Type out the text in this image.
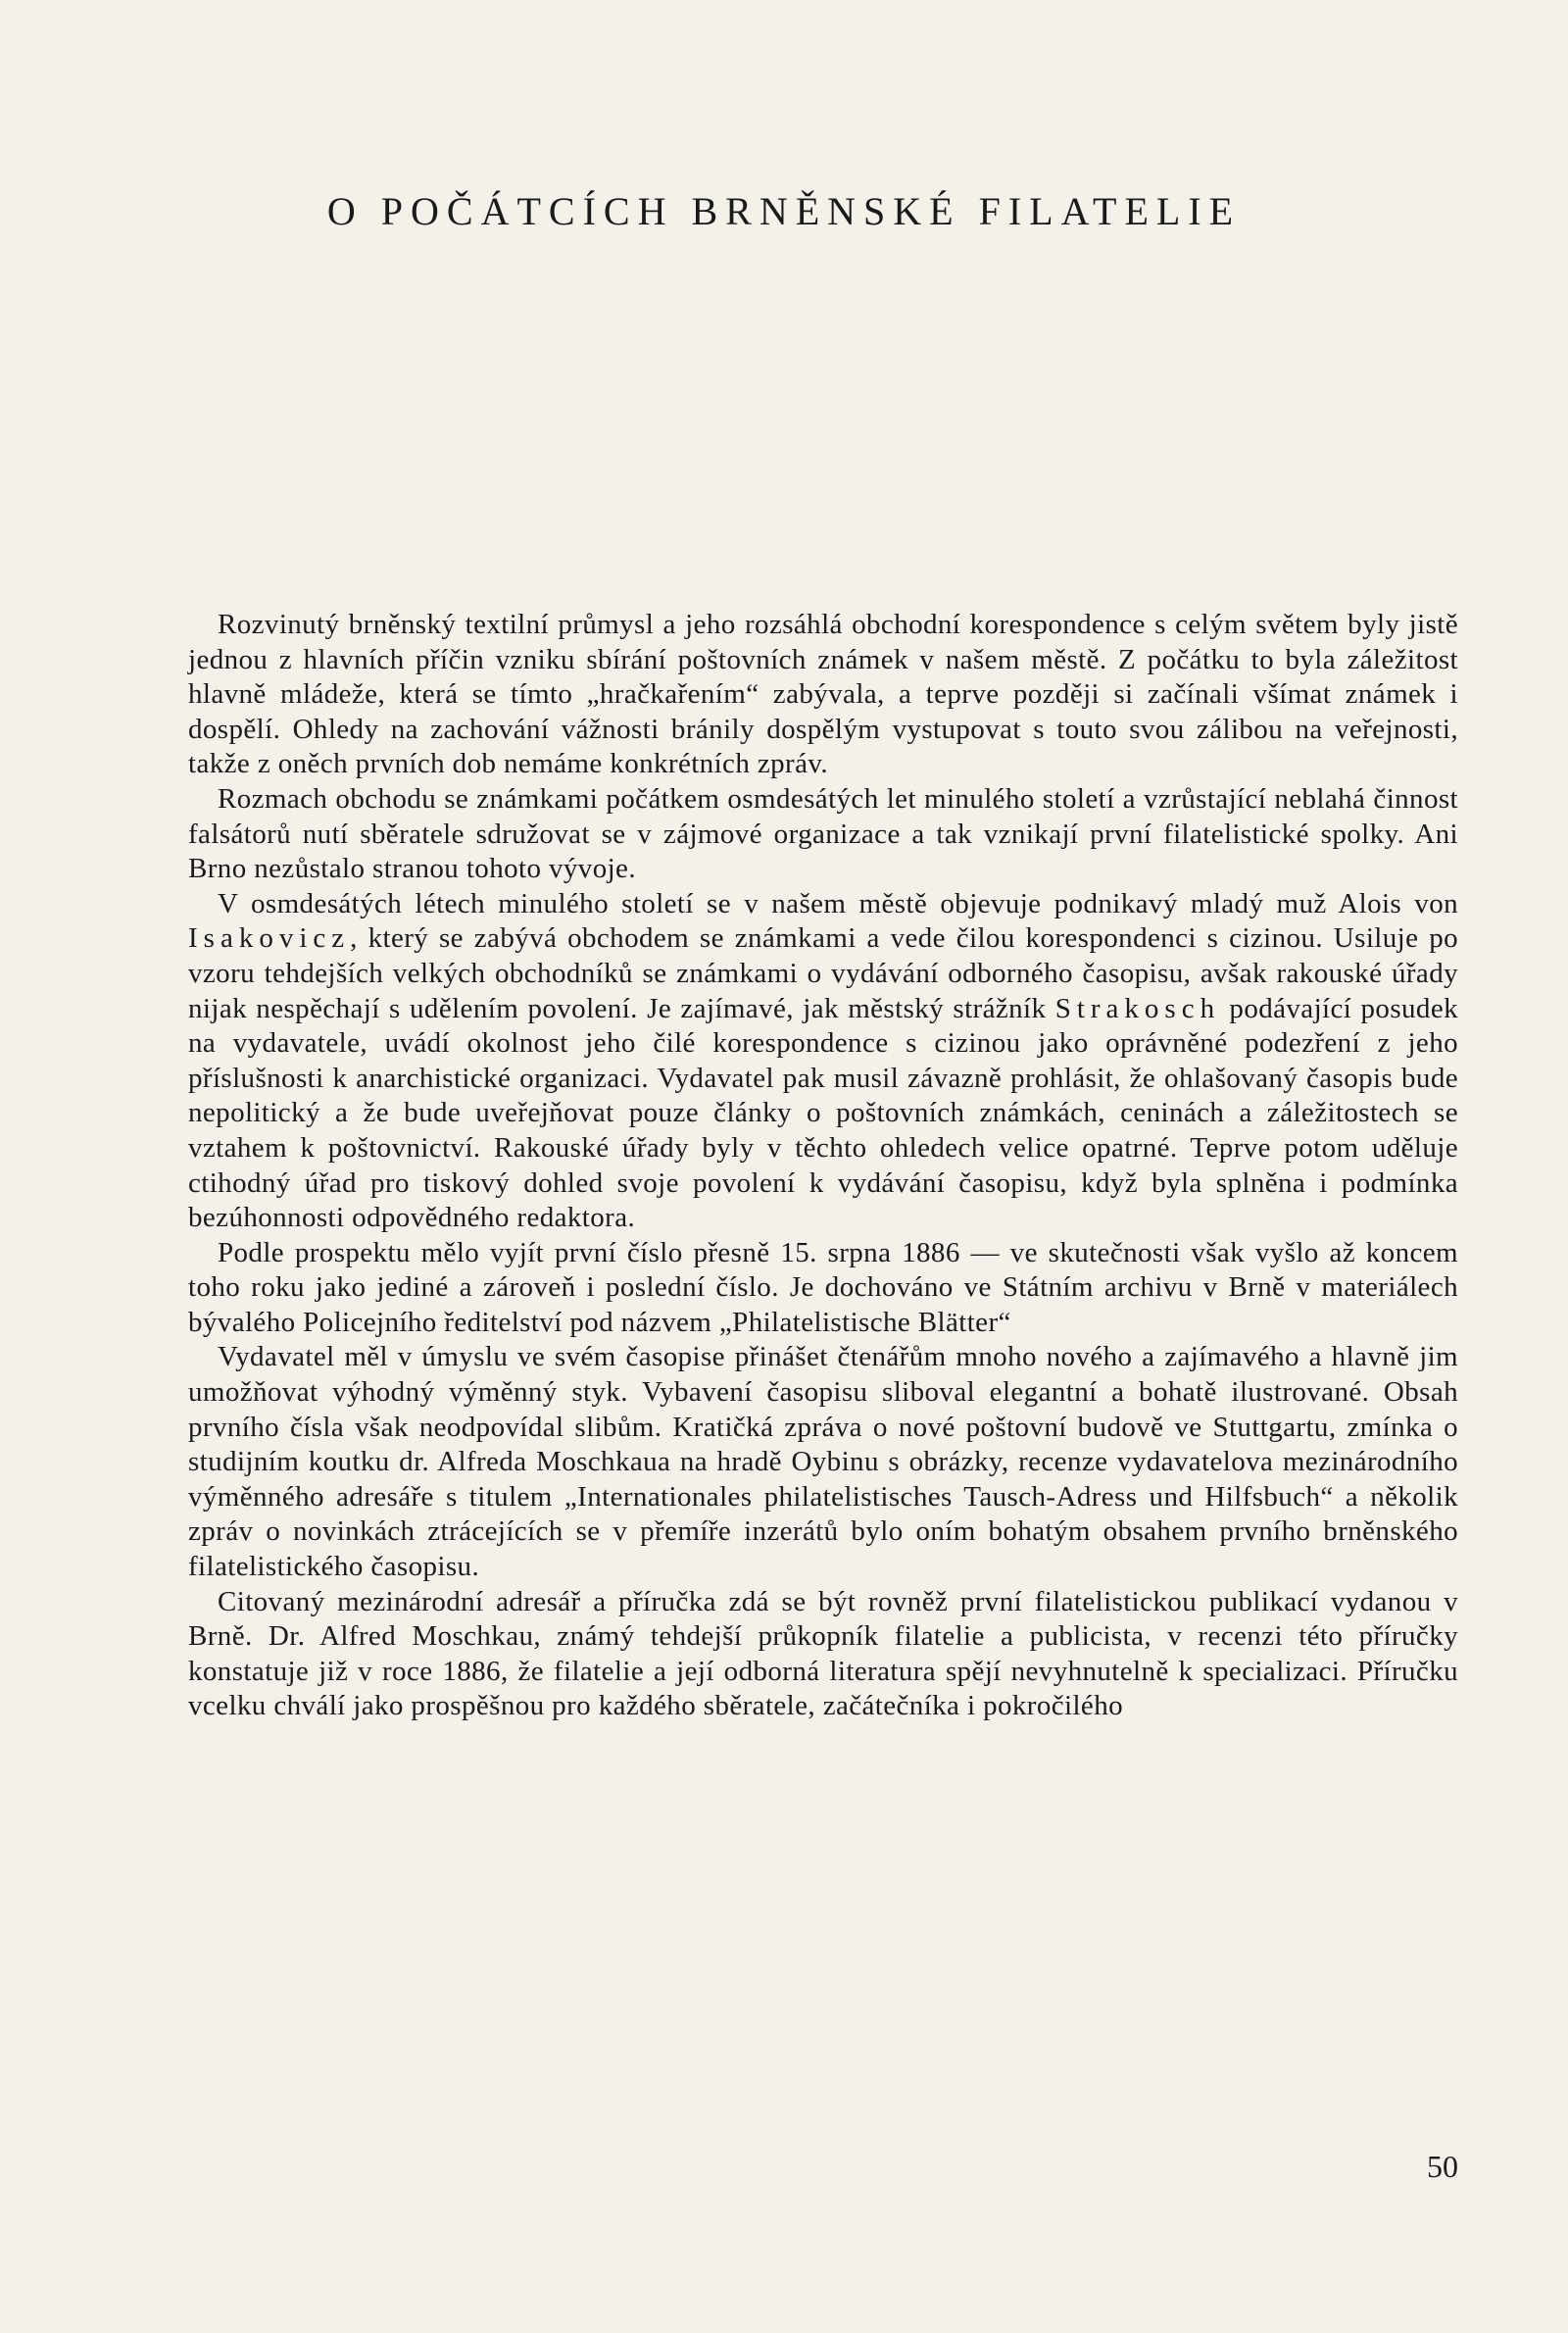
O POČÁTCÍCH BRNĚNSKÉ FILATELIE

Rozvinutý brněnský textilní průmysl a jeho rozsáhlá obchodní korespondence s celým světem byly jistě jednou z hlavních příčin vzniku sbírání poštovních známek v našem městě. Z počátku to byla záležitost hlavně mládeže, která se tímto „hračkařením“ zabývala, a teprve později si začínali všímat známek i dospělí. Ohledy na zachování vážnosti bránily dospělým vystupovat s touto svou zálibou na veřejnosti, takže z oněch prvních dob nemáme konkrétních zpráv.

Rozmach obchodu se známkami počátkem osmdesátých let minulého století a vzrůstající neblahá činnost falsátorů nutí sběratele sdružovat se v zájmové organizace a tak vznikají první filatelistické spolky. Ani Brno nezůstalo stranou tohoto vývoje.

V osmdesátých létech minulého století se v našem městě objevuje podnikavý mladý muž Alois von Isakovicz, který se zabývá obchodem se známkami a vede čilou korespondenci s cizinou. Usiluje po vzoru tehdejších velkých obchodníků se známkami o vydávání odborného časopisu, avšak rakouské úřady nijak nespěchají s udělením povolení. Je zajímavé, jak městský strážník Strakosch podávající posudek na vydavatele, uvádí okolnost jeho čilé korespondence s cizinou jako oprávněné podezření z jeho příslušnosti k anarchistické organizaci. Vydavatel pak musil závazně prohlásit, že ohlašovaný časopis bude nepolitický a že bude uveřejňovat pouze články o poštovních známkách, ceninách a záležitostech se vztahem k poštovnictví. Rakouské úřady byly v těchto ohledech velice opatrné. Teprve potom uděluje ctihodný úřad pro tiskový dohled svoje povolení k vydávání časopisu, když byla splněna i podmínka bezúhonnosti odpovědného redaktora.

Podle prospektu mělo vyjít první číslo přesně 15. srpna 1886 — ve skutečnosti však vyšlo až koncem toho roku jako jediné a zároveň i poslední číslo. Je dochováno ve Státním archivu v Brně v materiálech bývalého Policejního ředitelství pod názvem „Philatelistische Blätter“

Vydavatel měl v úmyslu ve svém časopise přinášet čtenářům mnoho nového a zajímavého a hlavně jim umožňovat výhodný výměnný styk. Vybavení časopisu sliboval elegantní a bohatě ilustrované. Obsah prvního čísla však neodpovídal slibům. Kratičká zpráva o nové poštovní budově ve Stuttgartu, zmínka o studijním koutku dr. Alfreda Moschkaua na hradě Oybinu s obrázky, recenze vydavatelova mezinárodního výměnného adresáře s titulem „Internationales philatelistisches Tausch-Adress und Hilfsbuch“ a několik zpráv o novinkách ztrácejících se v přemíře inzerátů bylo oním bohatým obsahem prvního brněnského filatelistického časopisu.

Citovaný mezinárodní adresář a příručka zdá se být rovněž první filatelistickou publikací vydanou v Brně. Dr. Alfred Moschkau, známý tehdejší průkopník filatelie a publicista, v recenzi této příručky konstatuje již v roce 1886, že filatelie a její odborná literatura spějí nevyhnutelně k specializaci. Příručku vcelku chválí jako prospěšnou pro každého sběratele, začátečníka i pokročilého

50
